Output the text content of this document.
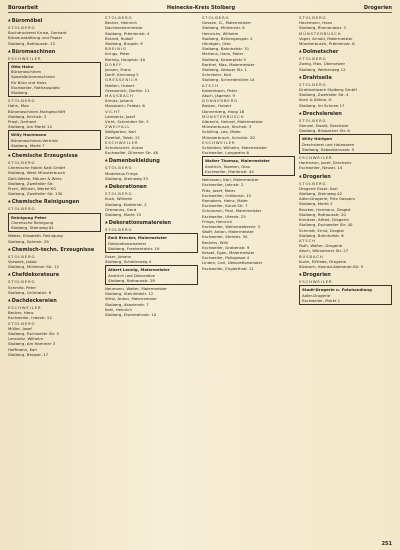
Büroarbeit	Heinecke-Kreis Stolberg	Drogerien
▲ Büromöbel
STOLBERG
Buchdruckerei Kruse, Gerhard
Büroausstattung und Papier
Stolberg, Rathausstr. 13
▲ Büromaschinen
ESCHWEILER
Otto Hahn
Büromaschinen
Spezialbüromaschinen
für Büro und Haus
Eschweiler, Rathausplatz
Stolberg
STOLBERG
Hahn, Max
Büromaschinen-Fachgeschäft
Stolberg, Kirchstr. 3
Prost, Gerhard
Stolberg, Am Markt 14
Willy Hochmann
Büromaschinen-Vertrieb
Stolberg, Markt 7
▲ Chemische Erzeugnisse
STOLBERG
Chemische Fabrik Kalk GmbH
Stolberg, Werk Münsterbusch
Dalli-Werke, Mäurer & Wirtz
Stolberg, Zweifaller Str.
Prym, William, Werke KG
Stolberg, Zweifaller Str. 130
▲ Chemische Reinigungen
STOLBERG
Reinigung Peter
Chemische Reinigung
Stolberg, Steinweg 61
Weber, Elisabeth, Reinigung
Stolberg, Salmstr. 29
▲ Chemisch-techn. Erzeugnisse
STOLBERG
Vorwerk, Jakob
Stolberg, Mühlener Str. 12
▲ Chefdekorateure
STOLBERG
Schmitz, Peter
Stolberg, Grüntalstr. 8
▲ Dachdeckereien
ESCHWEILER
Becker, Hans
Eschweiler, Indestr. 22
STOLBERG
Müller, Josef
Stolberg, Eschweiler Str. 5
Lennartz, Wilhelm
Stolberg, Am Hammer 3
Hoffmann, Karl
Stolberg, Bergstr. 17
STOLBERG
Becker, Heinrich
Dachdeckermeister
Stolberg, Prämienstr. 4
Brandt, Rudolf
Stolberg, Burgstr. 9
BREINIG
Krings, Peter
Breinig, Hauptstr. 40
DORFF
Jansen, Franz
Dorff, Kirchweg 2
GRESSENICH
Nießen, Hubert
Gressenich, Dorfstr. 11
MAUSBACH
Kreutz, Johann
Mausbach, Feldstr. 6
VICHT
Lambertz, Josef
Vicht, Schmidter Str. 3
ZWEIFALL
Wollgarten, Karl
Zweifall, Talstr. 21
ESCHWEILER
Schumacher, Anton
Eschweiler, Dürener Str. 48
▲ Damenbekleidung
STOLBERG
Modehaus Frings
Stolberg, Steinweg 33
▲ Dekorationen
STOLBERG
Kuck, Wilhelm
Stolberg, Klatterstr. 2
Ortmanns, Gerd
Stolberg, Markt 15
▲ Dekorationsmalereien
STOLBERG
Emil Brecker, Malermeister
Dekorationsmalerei
Stolberg, Frankentalstr. 19
Esser, Johann
Stolberg, Schellerweg 4
Albert Lennig, Malermeister
Anstrich und Dekoration
Stolberg, Rathausstr. 28
Neumann, Walter, Malermeister
Stolberg, Steinfeldstr. 12
Wirtz, Anton, Malermeister
Stolberg, Akazienstr. 7
Kohl, Heinrich
Stolberg, Eisenbahnstr. 10
STOLBERG
Gessen, G., Malermeister
Stolberg, Mühlenstr. 8
Heinrichs, Wilhelm
Stolberg, Birkengangstr. 2
Hündgen, Otto
Stolberg, Bahnhofstr. 31
Mertens, Hans, Maler
Stolberg, Kaiserplatz 5
Barthel, Max, Malermeister
Stolberg, Velauer Str. 1
Schnitzler, Karl
Stolberg, Schneidmühle 14
ATSCH
Kaldenbach, Peter
Atsch, Jägerstr. 9
DONNERBERG
Bosten, Hubert
Donnerberg, Hang 18
MÜNSTERBUSCH
Albrecht, Helmut, Malermeister
Münsterbusch, Kirchstr. 3
Schilling, Leo, Maler
Münsterbusch, Schulstr. 20
ESCHWEILER
Schleiden, Wilhelm, Malermeister
Eschweiler, Langwahn 6
Walter Thomas, Malermeister
Anstrich, Tapeten, Glas
Eschweiler, Marienstr. 44
Nellessen, Karl, Malermeister
Eschweiler, Jahnstr. 2
Pütz, Josef, Maler
Eschweiler, Odilienstr. 15
Ramakers, Heinz, Maler
Eschweiler, Kurze Str. 7
Schumann, Paul, Malermeister
Eschweiler, Uferstr. 25
Frings, Heinrich
Eschweiler, Wollenweberstr. 3
Wolff, Anton, Malermeister
Eschweiler, Steinstr. 30
Beckers, Willi
Eschweiler, Grabenstr. 9
Kessel, Egon, Malermeister
Eschweiler, Peilsgasse 4
Linden, Carl, Dekorationsmaler
Eschweiler, Englerthstr. 11
STOLBERG
Heckmann, Hans
Stolberg, Rhenaniastr. 3
MÜNSTERBUSCH
Vogel, Arnold, Malermeister
Münsterbusch, Prämienstr. 6
▲ Dolmetscher
STOLBERG
Zweig, Max, Übersetzer
Stolberg, Weiherweg 12
▲ Drahtseile
STOLBERG
Drahtseilwerk Stolberg GmbH
Stolberg, Zweifaller Str. 4
Koch & Söhne, H.
Stolberg, Im Schnee 17
▲ Drechslereien
STOLBERG
Stenzel, Ewald, Drechsler
Stolberg, Büsbacher Str. 8
Willy Hürtgen
Drechslerei und Holzwaren
Stolberg, Sebastianusstr. 5
ESCHWEILER
Hartmann, Josef, Drechsler
Eschweiler, Neustr. 14
▲ Drogerien
STOLBERG
Drogerie Esser, Karl
Stolberg, Steinweg 42
Adler-Drogerie, Fritz Gaspers
Stolberg, Markt 2
Brocker, Hermann, Drogist
Stolberg, Rathausstr. 20
Kreutzer, Alfred, Drogerie
Stolberg, Eschweiler Str. 40
Schmidt, Ernst, Drogist
Stolberg, Bahnhofstr. 6
ATSCH
Roth, Walter, Drogerie
Atsch, Würselener Str. 27
BÜSBACH
Kurth, Elfriede, Drogerie
Büsbach, Konrad-Adenauer-Str. 9
▲ Drogerien
ESCHWEILER
Stadt-Drogerie u. Fotohandlung
Adler-Drogerie
Eschweiler, Markt 1
251
